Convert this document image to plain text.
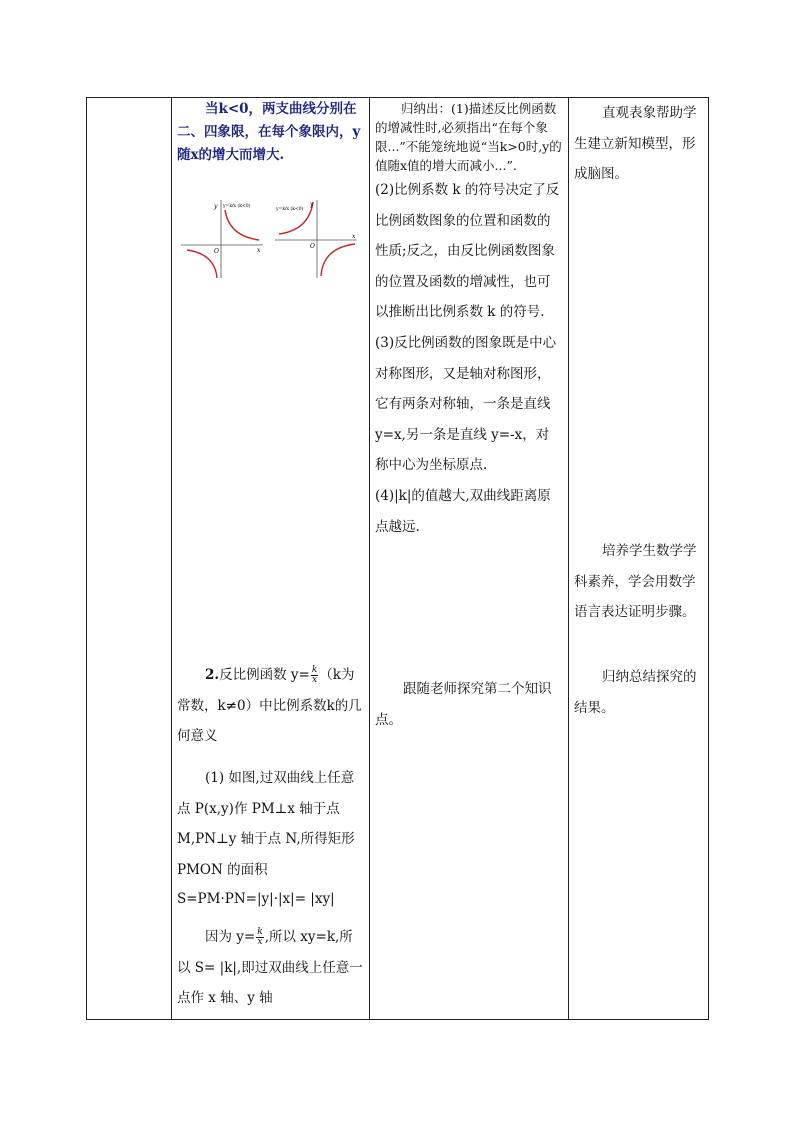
当k<0，两支曲线分别在二、四象限，在每个象限内，y随x的增大而增大.
y
x
O
y=k/x (k<0)	y
x
O
y=k/x (k<0)
2.反比例函数 $y= \frac{k}{x} (k$为常数，k≠0）中比例系数k的几何意义
(1) 如图,过双曲线上任意点 P(x,y)作 PM⊥x 轴于点 M,PN⊥y 轴于点 N,所得矩形 PMON 的面积
S=PM·PN=|y|·|x|= |xy|
因为 $y= \frac{k}{x}$ ,所以 xy=k,所以 S= |k|,即过双曲线上任意一点作 x 轴、y 轴
归纳出：(1)描述反比例函数的增减性时,必须指出“在每个象限...”不能笼统地说“当k>0时,y的值随x值的增大而减小...”.
(2)比例系数 k 的符号决定了反比例函数图象的位置和函数的性质;反之，由反比例函数图象的位置及函数的增减性，也可以推断出比例系数 k 的符号.
(3)反比例函数的图象既是中心对称图形，又是轴对称图形，它有两条对称轴，一条是直线 y=x,另一条是直线 y=-x，对称中心为坐标原点.
(4)|k|的值越大,双曲线距离原点越远.
跟随老师探究第二个知识点。
直观表象帮助学生建立新知模型，形成脑图。
培养学生数学学科素养，学会用数学语言表达证明步骤。
归纳总结探究的结果。
